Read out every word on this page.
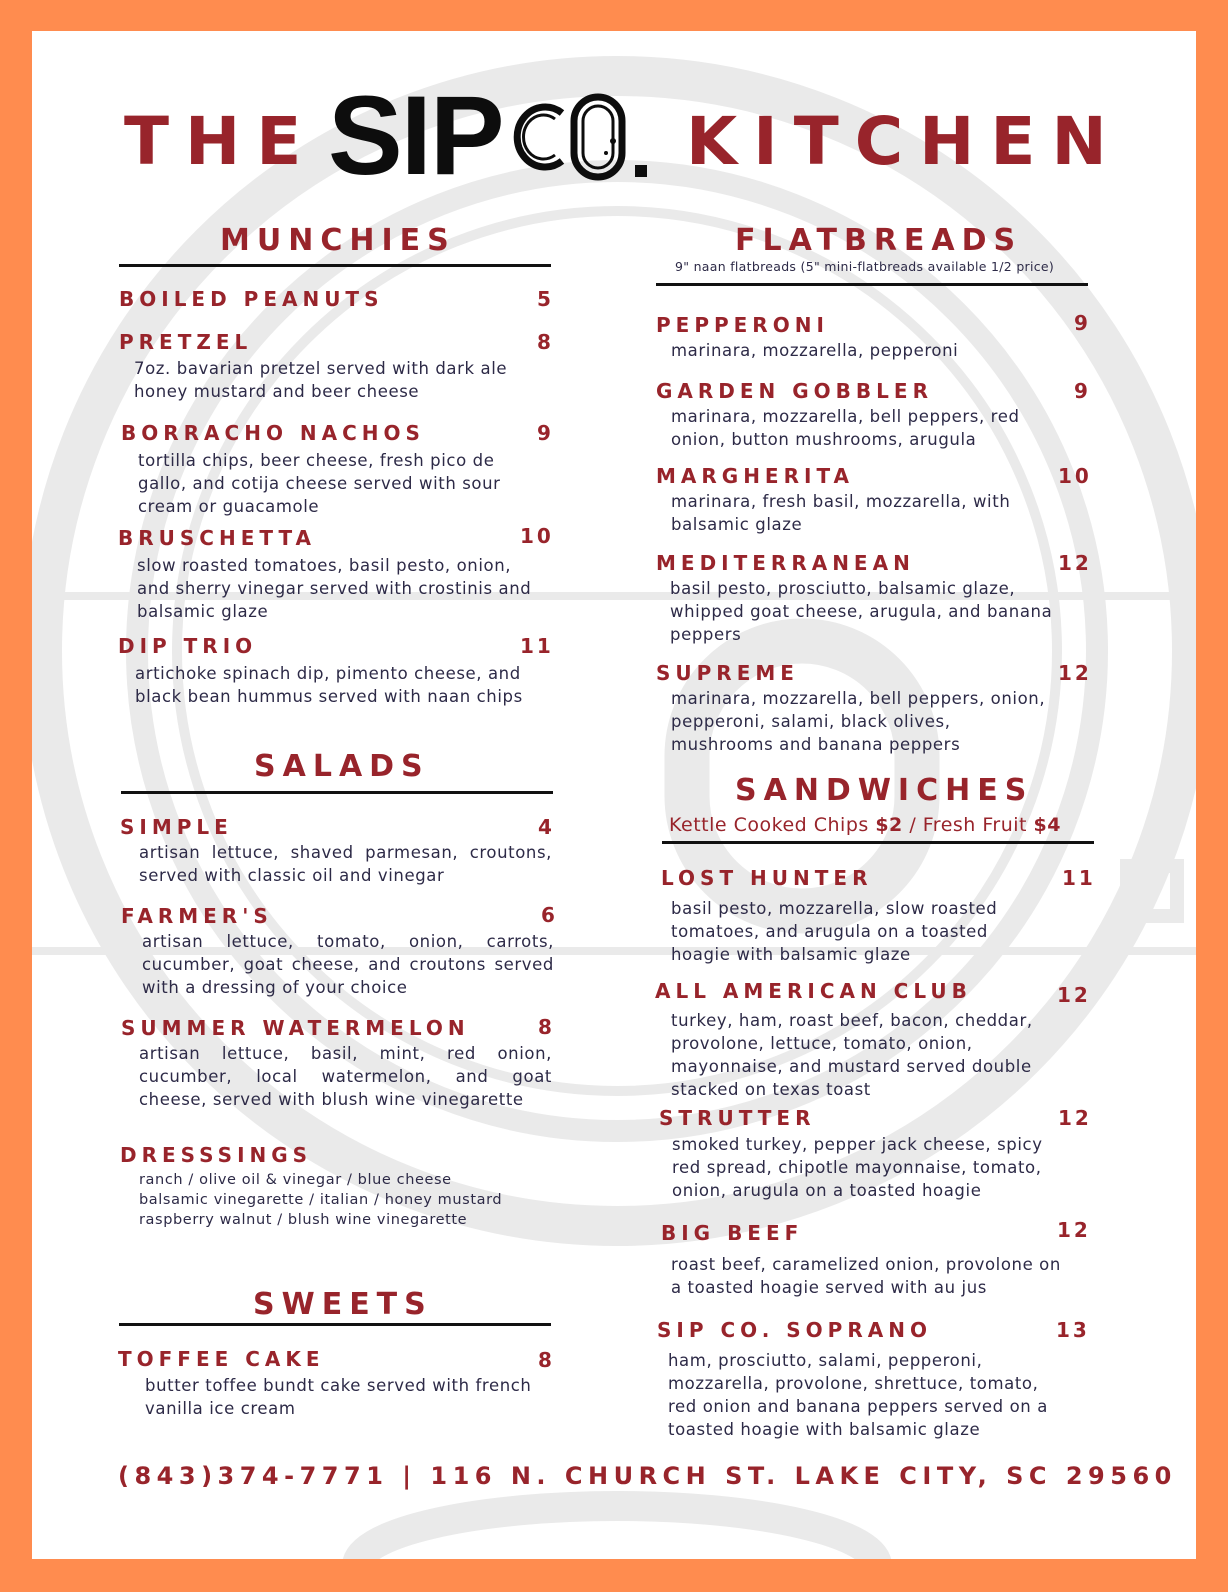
THE SIP	KITCHEN
MUNCHIES
BOILED PEANUTS	5
PRETZEL	8
7oz. bavarian pretzel served with dark ale
honey mustard and beer cheese
BORRACHO NACHOS	9
tortilla chips, beer cheese, fresh pico de
gallo, and cotija cheese served with sour
cream or guacamole
BRUSCHETTA	10
slow roasted tomatoes, basil pesto, onion,
and sherry vinegar served with crostinis and
balsamic glaze
DIP TRIO	11
artichoke spinach dip, pimento cheese, and
black bean hummus served with naan chips
SALADS
SIMPLE	4
artisan lettuce, shaved parmesan, croutons,
served with classic oil and vinegar
FARMER'S	6
artisan lettuce, tomato, onion, carrots,
cucumber, goat cheese, and croutons served
with a dressing of your choice
SUMMER WATERMELON	8
artisan lettuce, basil, mint, red onion,
cucumber, local watermelon, and goat
cheese, served with blush wine vinegarette
DRESSSINGS
ranch / olive oil & vinegar / blue cheese
balsamic vinegarette / italian / honey mustard
raspberry walnut / blush wine vinegarette
SWEETS
TOFFEE CAKE	8
butter toffee bundt cake served with french
vanilla ice cream
FLATBREADS
9" naan flatbreads (5" mini-flatbreads available 1/2 price)
PEPPERONI	9
marinara, mozzarella, pepperoni
GARDEN GOBBLER	9
marinara, mozzarella, bell peppers, red
onion, button mushrooms, arugula
MARGHERITA	10
marinara, fresh basil, mozzarella, with
balsamic glaze
MEDITERRANEAN	12
basil pesto, prosciutto, balsamic glaze,
whipped goat cheese, arugula, and banana
peppers
SUPREME	12
marinara, mozzarella, bell peppers, onion,
pepperoni, salami, black olives,
mushrooms and banana peppers
SANDWICHES
Kettle Cooked Chips $2 / Fresh Fruit $4
LOST HUNTER	11
basil pesto, mozzarella, slow roasted
tomatoes, and arugula on a toasted
hoagie with balsamic glaze
ALL AMERICAN CLUB	12
turkey, ham, roast beef, bacon, cheddar,
provolone, lettuce, tomato, onion,
mayonnaise, and mustard served double
stacked on texas toast
STRUTTER	12
smoked turkey, pepper jack cheese, spicy
red spread, chipotle mayonnaise, tomato,
onion, arugula on a toasted hoagie
BIG BEEF	12
roast beef, caramelized onion, provolone on
a toasted hoagie served with au jus
SIP CO. SOPRANO	13
ham, prosciutto, salami, pepperoni,
mozzarella, provolone, shrettuce, tomato,
red onion and banana peppers served on a
toasted hoagie with balsamic glaze
(843)374-7771 | 116 N. CHURCH ST. LAKE CITY, SC 29560
